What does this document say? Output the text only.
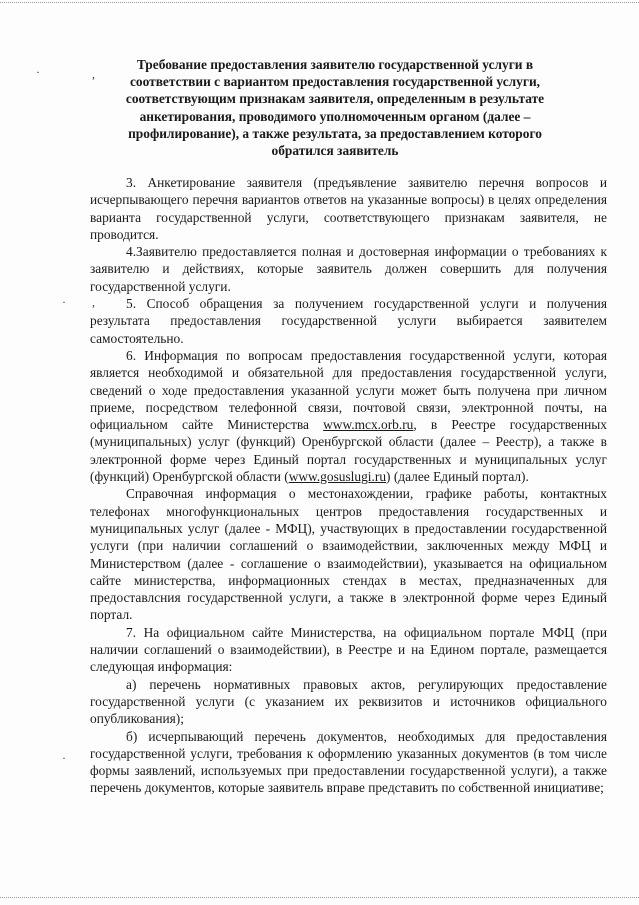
·	,
· ,
·
Требование предоставления заявителю государственной услуги в соответствии с вариантом предоставления государственной услуги, соответствующим признакам заявителя, определенным в результате анкетирования, проводимого уполномоченным органом (далее – профилирование), а также результата, за предоставлением которого обратился заявитель

3. Анкетирование заявителя (предъявление заявителю перечня вопросов и исчерпывающего перечня вариантов ответов на указанные вопросы) в целях определения варианта государственной услуги, соответствующего признакам заявителя, не проводится.

4.Заявителю предоставляется полная и достоверная информации о требованиях к заявителю и действиях, которые заявитель должен совершить для получения государственной услуги.

5. Способ обращения за получением государственной услуги и получения результата предоставления государственной услуги выбирается заявителем самостоятельно.

6. Информация по вопросам предоставления государственной услуги, которая является необходимой и обязательной для предоставления государственной услуги, сведений о ходе предоставления указанной услуги может быть получена при личном приеме, посредством телефонной связи, почтовой связи, электронной почты, на официальном сайте Министерства www.mcx.orb.ru, в Реестре государственных (муниципальных) услуг (функций) Оренбургской области (далее – Реестр), а также в электронной форме через Единый портал государственных и муниципальных услуг (функций) Оренбургской области (www.gosuslugi.ru) (далее Единый портал).

Справочная информация о местонахождении, графике работы, контактных телефонах многофункциональных центров предоставления государственных и муниципальных услуг (далее - МФЦ), участвующих в предоставлении государственной услуги (при наличии соглашений о взаимодействии, заключенных между МФЦ и Министерством (далее - соглашение о взаимодействии), указывается на официальном сайте министерства, информационных стендах в местах, предназначенных для предоставлсния государственной услуги, а также в электронной форме через Единый портал.

7. На официальном сайте Министерства, на официальном портале МФЦ (при наличии соглашений о взаимодействии), в Реестре и на Едином портале, размещается следующая информация:

а) перечень нормативных правовых актов, регулирующих предоставление государственной услуги (с указанием их реквизитов и источников официального опубликования);

б) исчерпывающий перечень документов, необходимых для предоставления государственной услуги, требования к оформлению указанных документов (в том числе формы заявлений, используемых при предоставлении государственной услуги), а также перечень документов, которые заявитель вправе представить по собственной инициативе;
